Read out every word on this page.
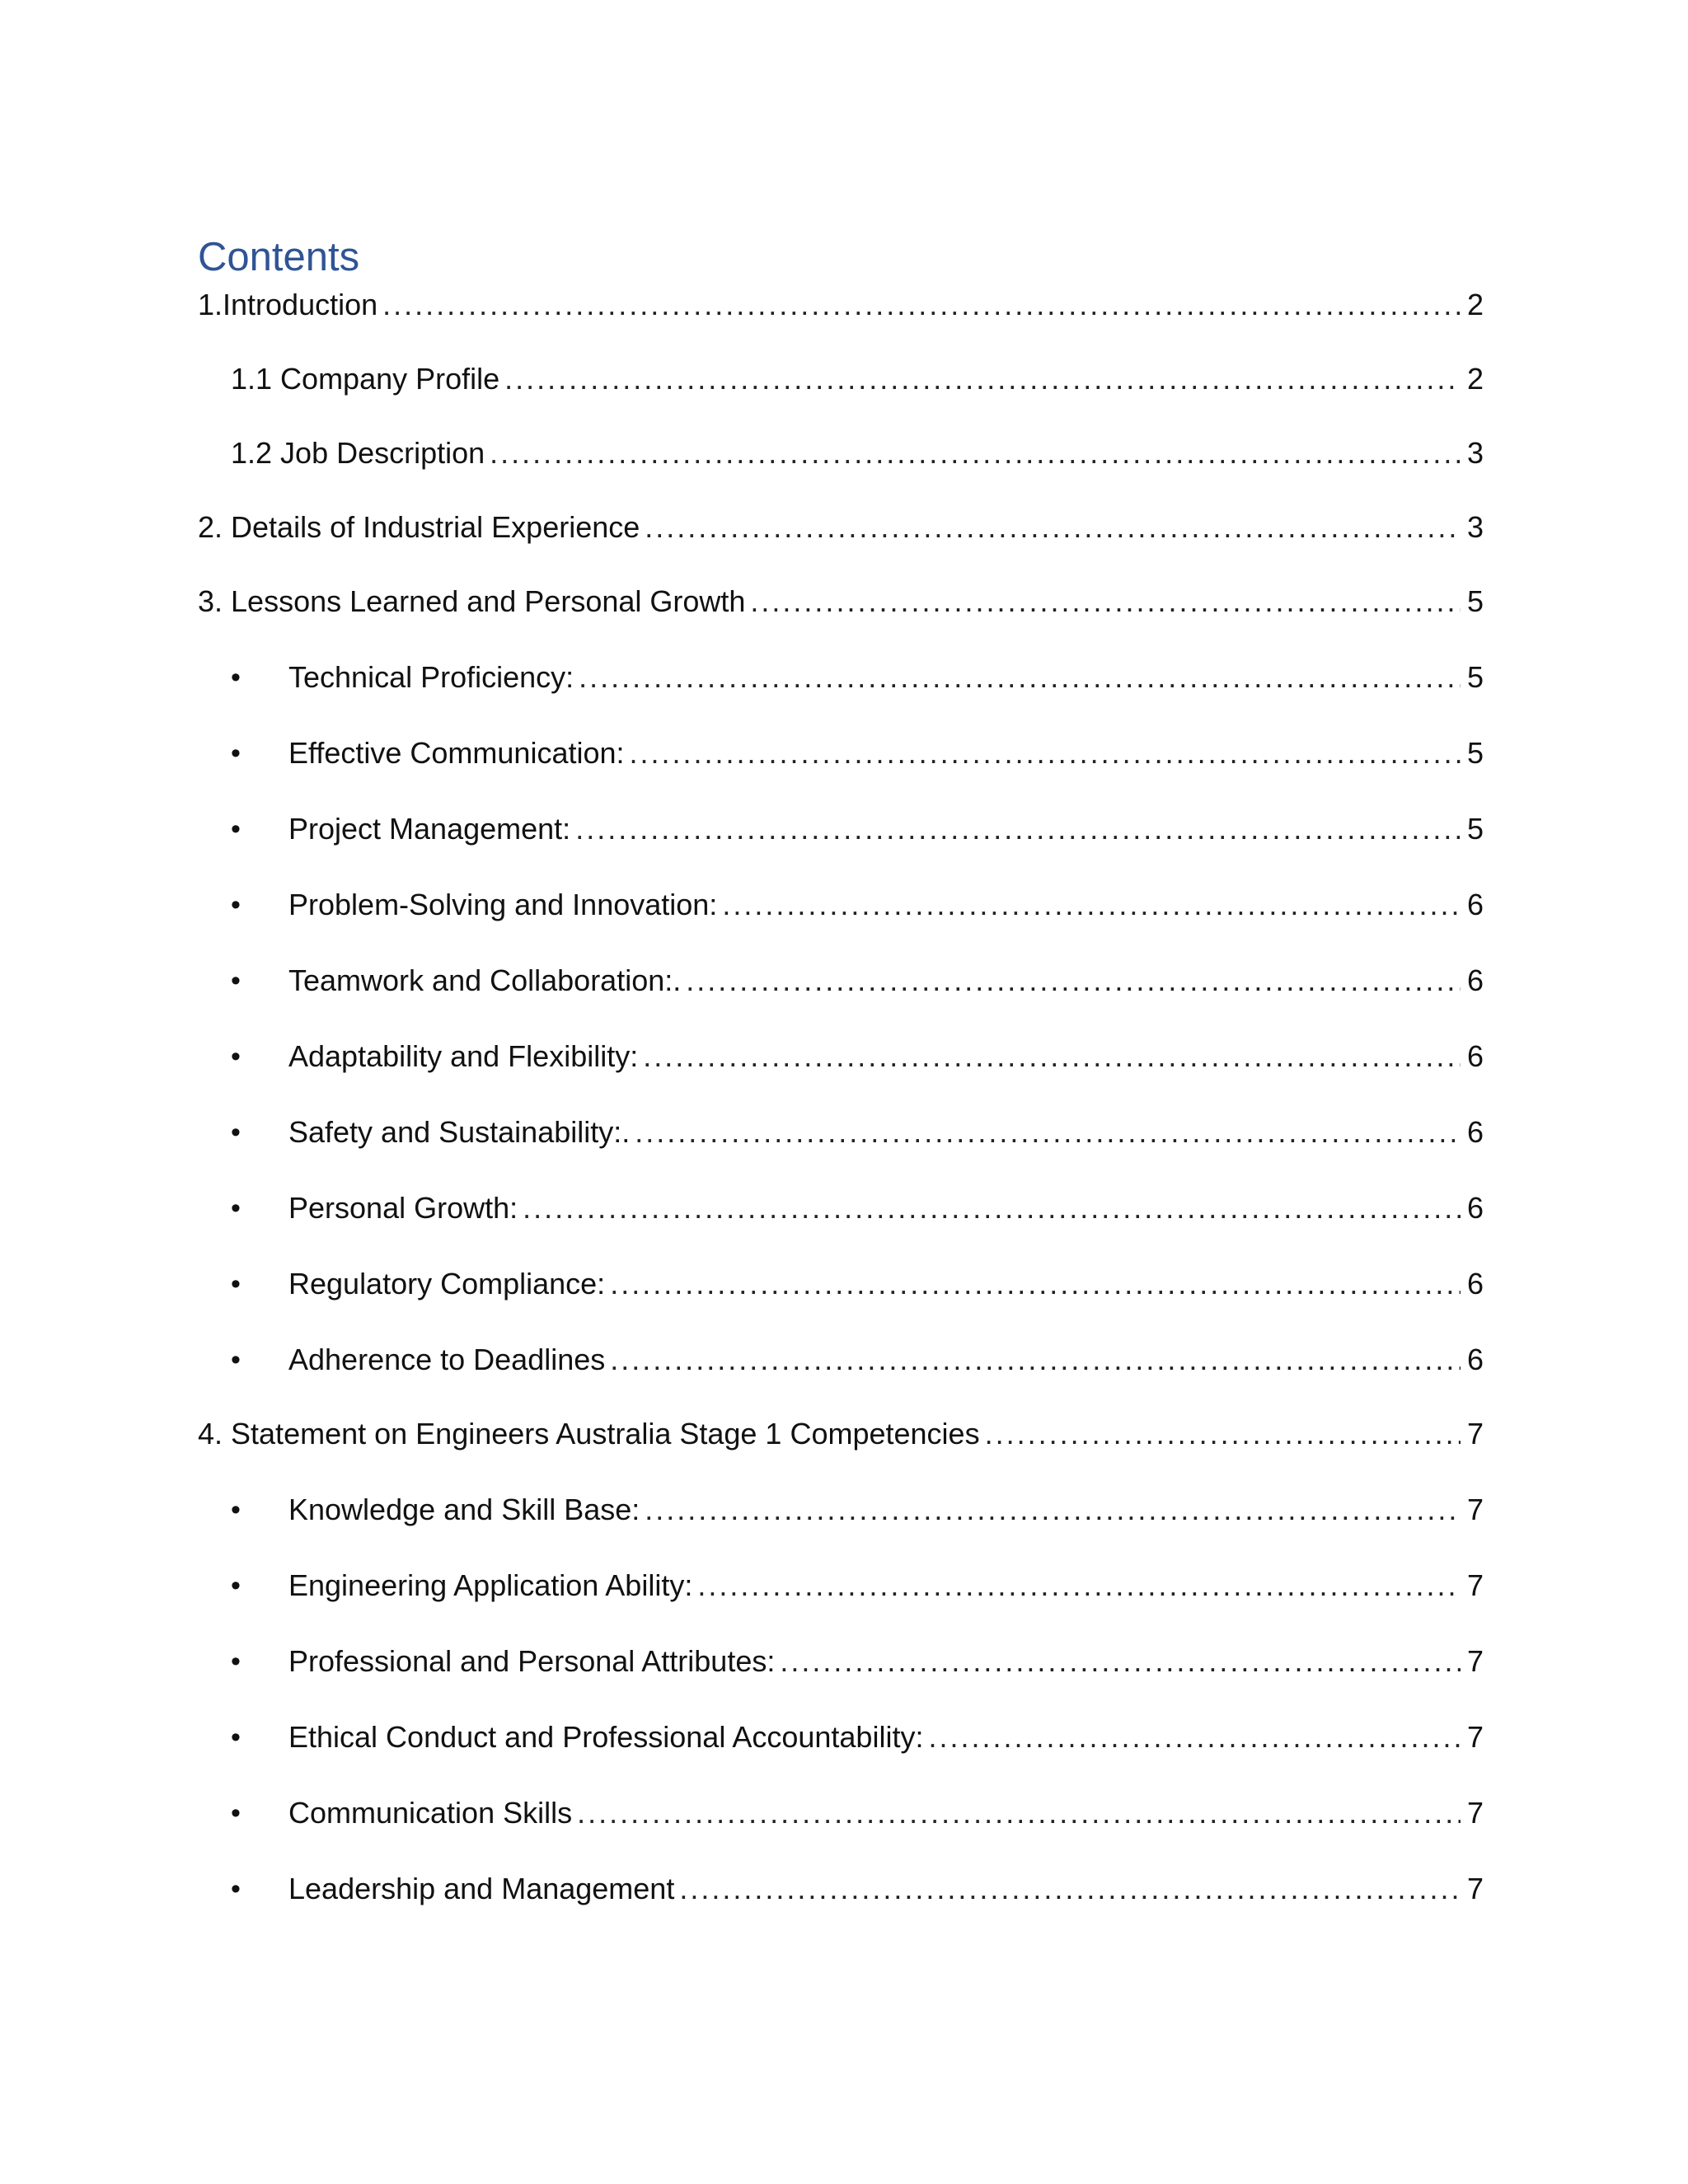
Contents
1.Introduction .....	2
1.1 Company Profile .....	2
1.2 Job Description .....	3
2. Details of Industrial Experience .....	3
3. Lessons Learned and Personal Growth .....	5
•	Technical Proficiency: .....	5
•	Effective Communication: .....	5
•	Project Management: .....	5
•	Problem-Solving and Innovation: .....	6
•	Teamwork and Collaboration:. .....	6
•	Adaptability and Flexibility: .....	6
•	Safety and Sustainability:. .....	6
•	Personal Growth: .....	6
•	Regulatory Compliance: .....	6
•	Adherence to Deadlines .....	6
4. Statement on Engineers Australia Stage 1 Competencies .....	7
•	Knowledge and Skill Base: .....	7
•	Engineering Application Ability: .....	7
•	Professional and Personal Attributes: .....	7
•	Ethical Conduct and Professional Accountability: .....	7
•	Communication Skills .....	7
•	Leadership and Management .....	7
